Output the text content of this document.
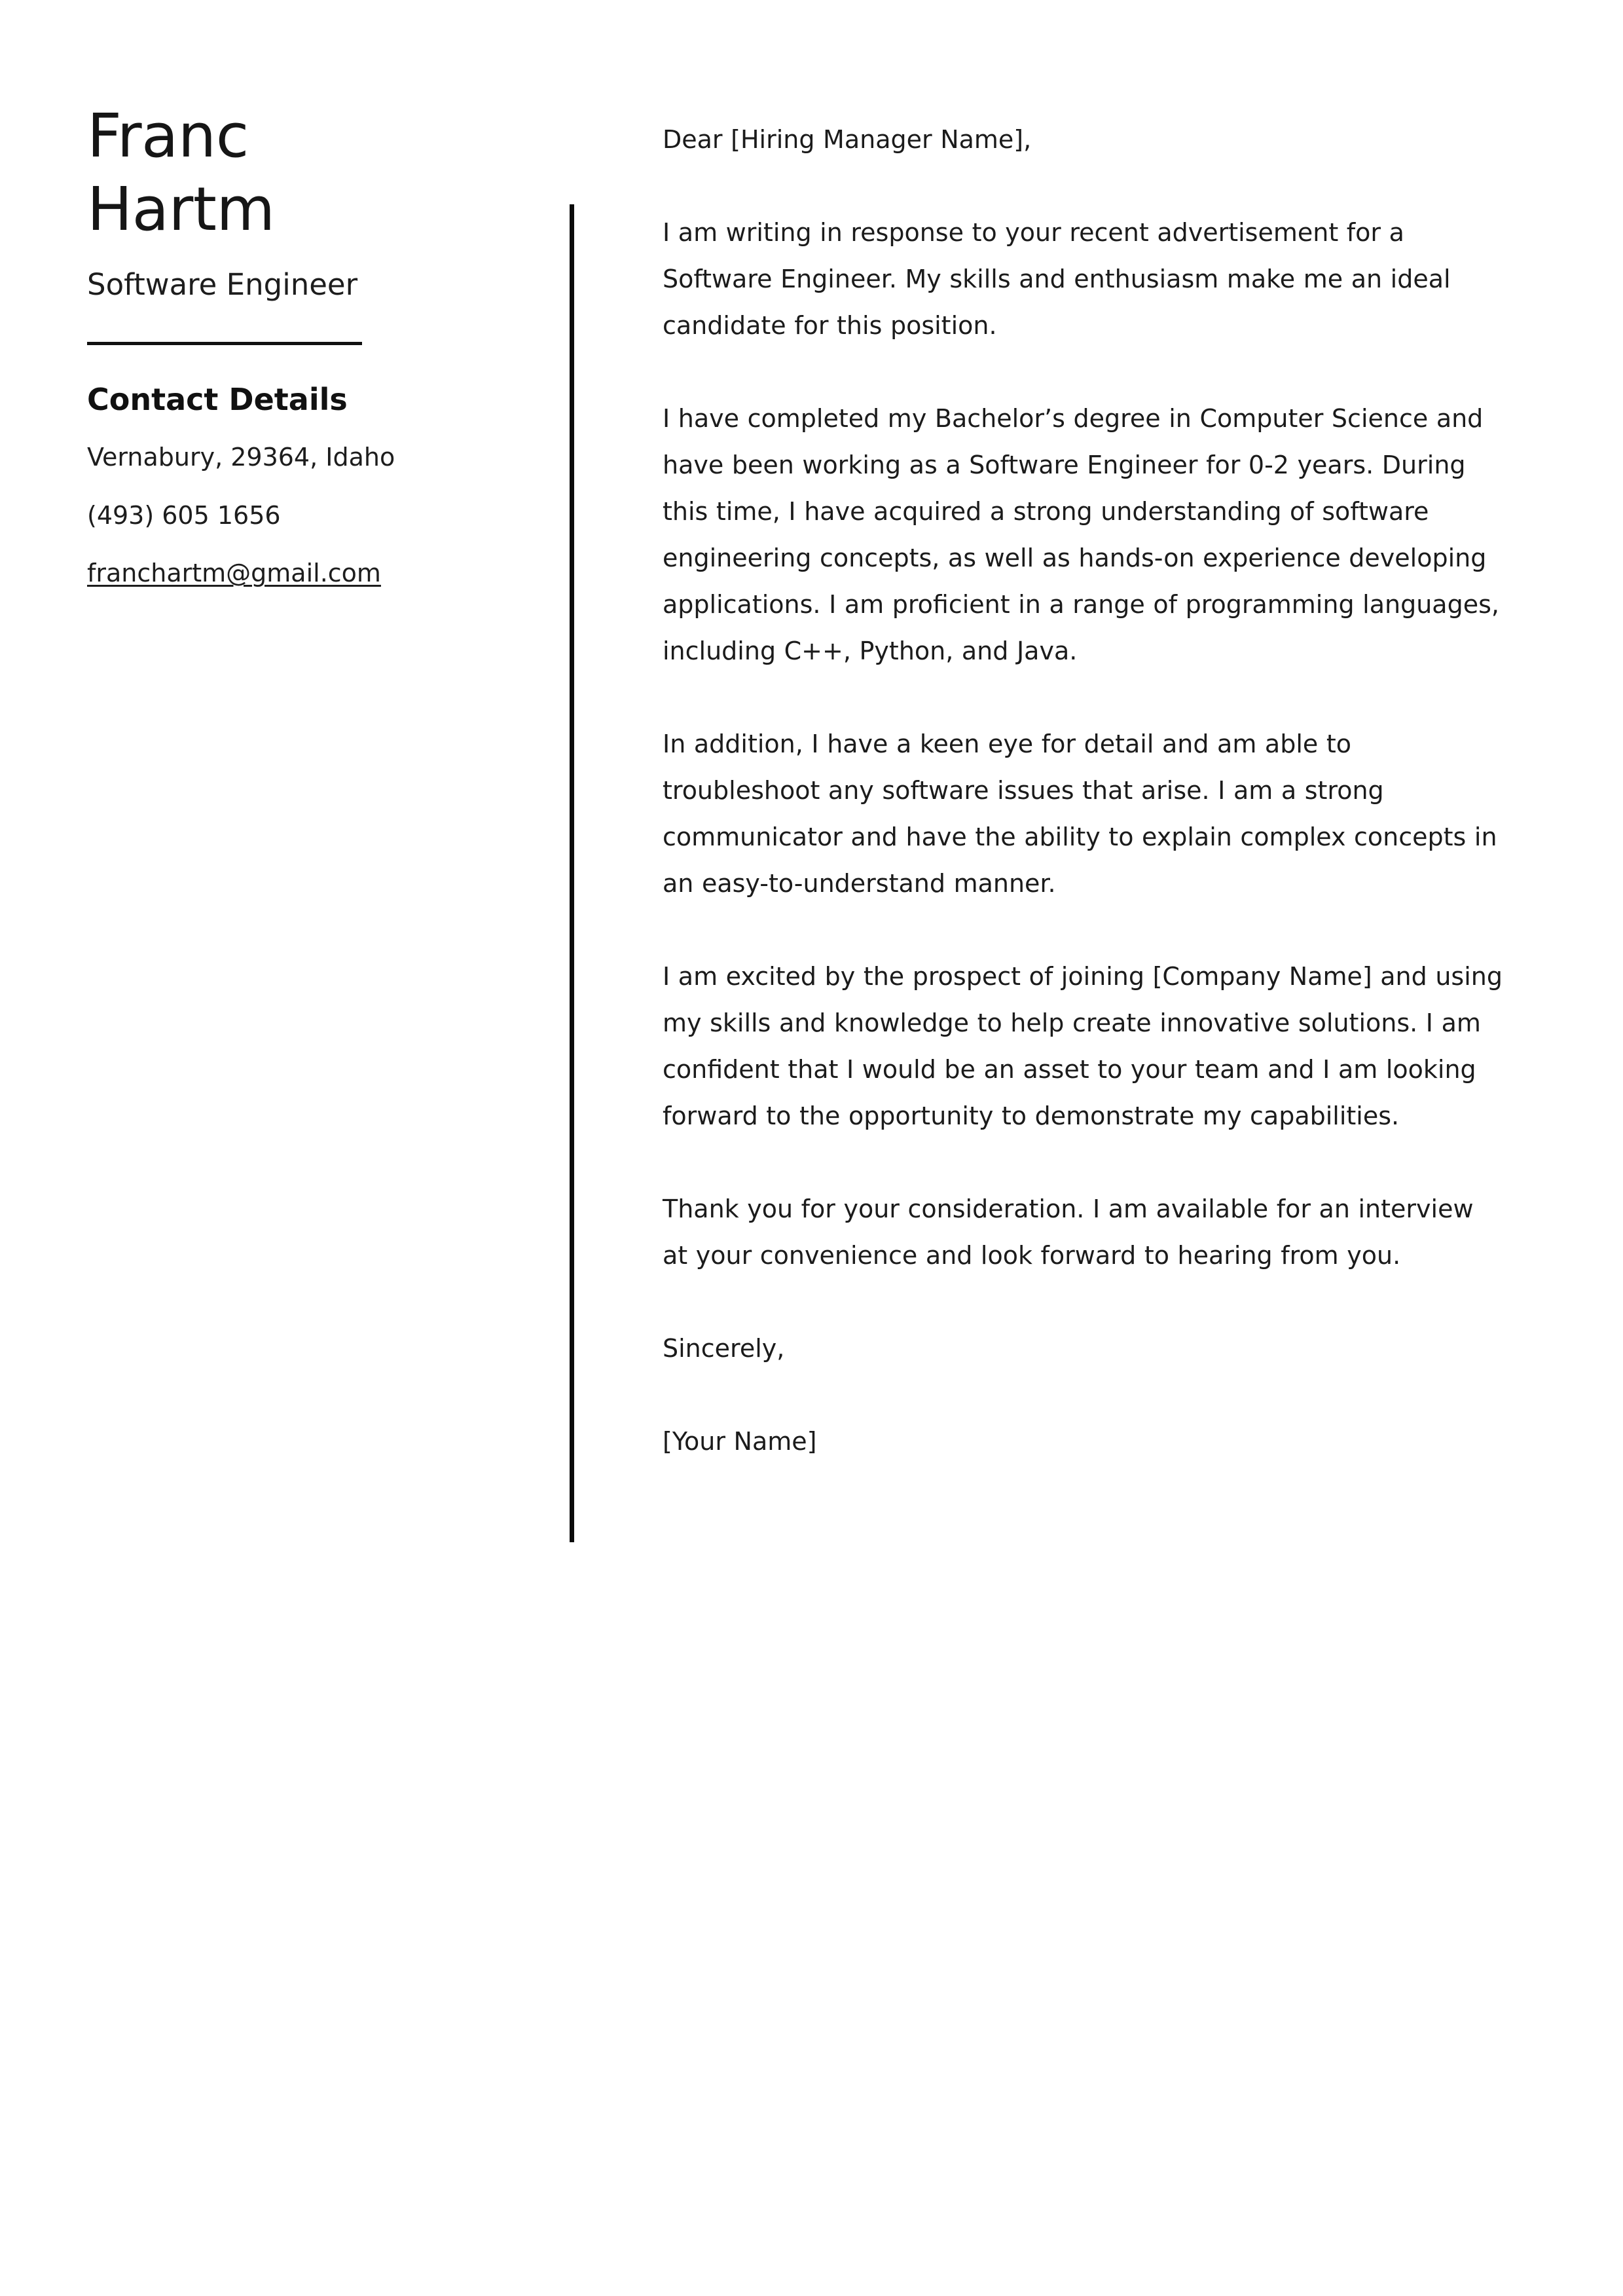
Franc
Hartm
Software Engineer
Contact Details
Vernabury, 29364, Idaho
(493) 605 1656
franchartm@gmail.com

Dear [Hiring Manager Name],

I am writing in response to your recent advertisement for a Software Engineer. My skills and enthusiasm make me an ideal candidate for this position.

I have completed my Bachelor’s degree in Computer Science and have been working as a Software Engineer for 0-2 years. During this time, I have acquired a strong understanding of software engineering concepts, as well as hands-on experience developing applications. I am proficient in a range of programming languages, including C++, Python, and Java.

In addition, I have a keen eye for detail and am able to troubleshoot any software issues that arise. I am a strong communicator and have the ability to explain complex concepts in an easy-to-understand manner.

I am excited by the prospect of joining [Company Name] and using my skills and knowledge to help create innovative solutions. I am confident that I would be an asset to your team and I am looking forward to the opportunity to demonstrate my capabilities.

Thank you for your consideration. I am available for an interview at your convenience and look forward to hearing from you.

Sincerely,

[Your Name]
